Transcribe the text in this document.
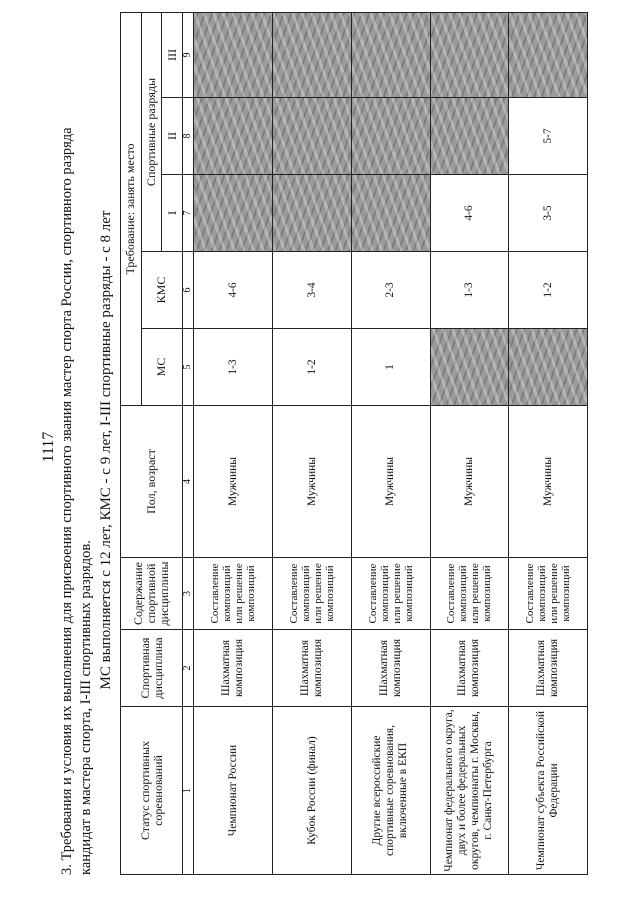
1117 3. Требования и условия их выполнения для присвоения спортивного звания мастер спорта России, спортивного разряда кандидат в мастера спорта, I-III спортивных разрядов.

МС выполняется с 12 лет, КМС - с 9 лет, I-III спортивные разряды - с 8 лет

Статус спортивных соревнований	Спортивная дисциплина	Содержание спортивной дисциплины	Пол, возраст	Требование: занять место				
				МС	КМС	Спортивные разряды		
						I	II	III
1	2	3	4	5	6	7	8	9
Чемпионат России	Шахматная композиция	Составление композиций или решение композиций	Мужчины	1-3	4-6			
Кубок России (финал)	Шахматная композиция	Составление композиций или решение композиций	Мужчины	1-2	3-4			
Другие всероссийские спортивные соревнования, включенные в ЕКП	Шахматная композиция	Составление композиций или решение композиций	Мужчины	1	2-3			
Чемпионат федерального округа, двух и более федеральных округов, чемпионаты г. Москвы, г. Санкт-Петербурга	Шахматная композиция	Составление композиций или решение композиций	Мужчины		1-3	4-6		
Чемпионат субъекта Российской Федерации	Шахматная композиция	Составление композиций или решение композиций	Мужчины		1-2	3-5	5-7	
